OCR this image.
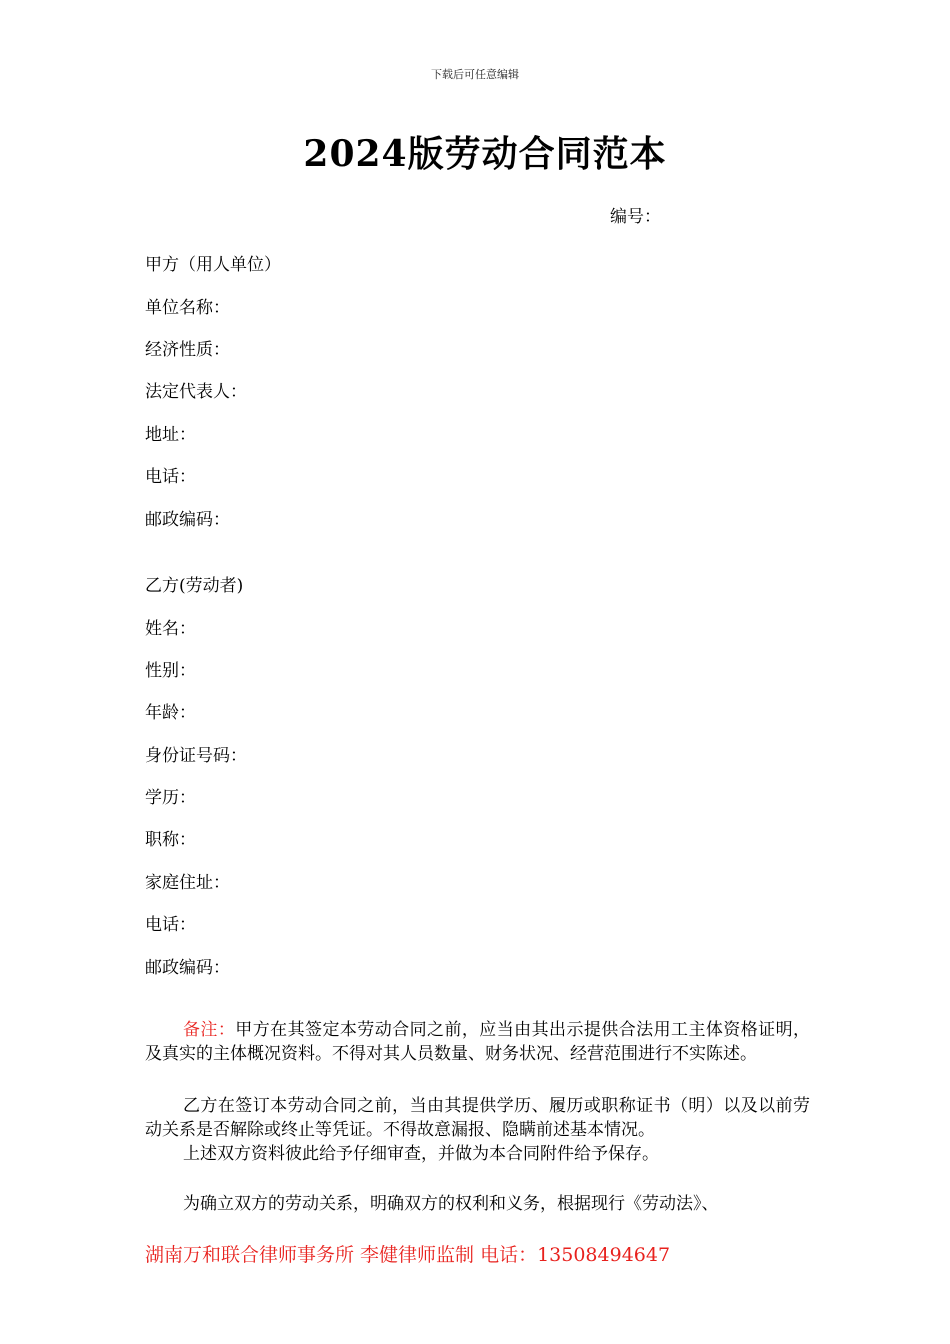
下载后可任意编辑
2024版劳动合同范本
编号：
甲方（用人单位）
单位名称：
经济性质：
法定代表人：
地址：
电话：
邮政编码：
乙方(劳动者)
姓名：
性别：
年龄：
身份证号码：
学历：
职称：
家庭住址：
电话：
邮政编码：
备注：甲方在其签定本劳动合同之前，应当由其出示提供合法用工主体资格证明，及真实的主体概况资料。不得对其人员数量、财务状况、经营范围进行不实陈述。
乙方在签订本劳动合同之前，当由其提供学历、履历或职称证书（明）以及以前劳动关系是否解除或终止等凭证。不得故意漏报、隐瞒前述基本情况。
上述双方资料彼此给予仔细审查，并做为本合同附件给予保存。
为确立双方的劳动关系，明确双方的权利和义务，根据现行《劳动法》、
湖南万和联合律师事务所 李健律师监制 电话：13508494647
